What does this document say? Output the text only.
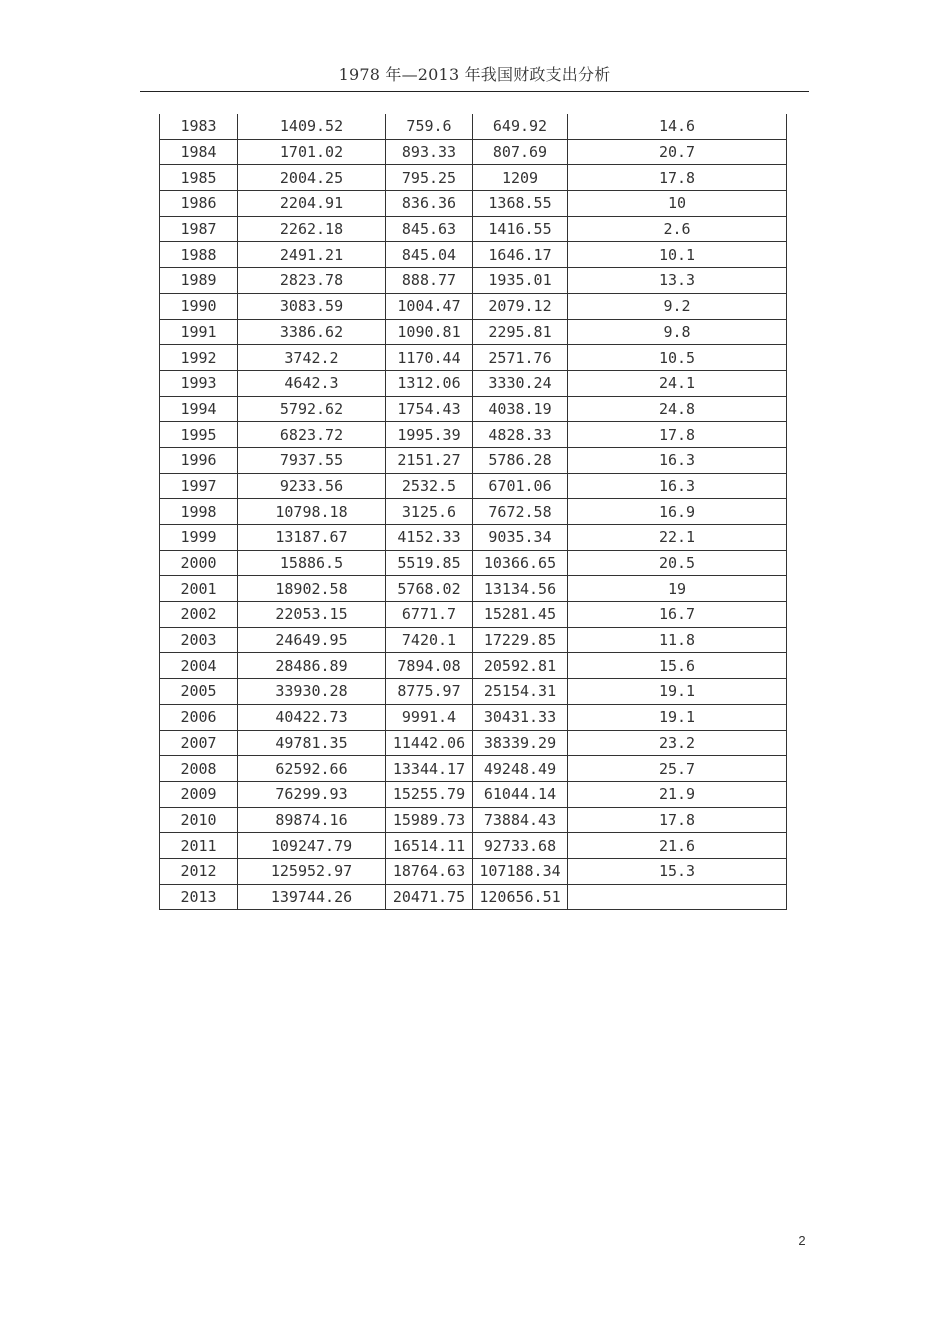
1978 年—2013 年我国财政支出分析
1983	1409.52	759.6	649.92	14.6
1984	1701.02	893.33	807.69	20.7
1985	2004.25	795.25	1209	17.8
1986	2204.91	836.36	1368.55	10
1987	2262.18	845.63	1416.55	2.6
1988	2491.21	845.04	1646.17	10.1
1989	2823.78	888.77	1935.01	13.3
1990	3083.59	1004.47	2079.12	9.2
1991	3386.62	1090.81	2295.81	9.8
1992	3742.2	1170.44	2571.76	10.5
1993	4642.3	1312.06	3330.24	24.1
1994	5792.62	1754.43	4038.19	24.8
1995	6823.72	1995.39	4828.33	17.8
1996	7937.55	2151.27	5786.28	16.3
1997	9233.56	2532.5	6701.06	16.3
1998	10798.18	3125.6	7672.58	16.9
1999	13187.67	4152.33	9035.34	22.1
2000	15886.5	5519.85	10366.65	20.5
2001	18902.58	5768.02	13134.56	19
2002	22053.15	6771.7	15281.45	16.7
2003	24649.95	7420.1	17229.85	11.8
2004	28486.89	7894.08	20592.81	15.6
2005	33930.28	8775.97	25154.31	19.1
2006	40422.73	9991.4	30431.33	19.1
2007	49781.35	11442.06	38339.29	23.2
2008	62592.66	13344.17	49248.49	25.7
2009	76299.93	15255.79	61044.14	21.9
2010	89874.16	15989.73	73884.43	17.8
2011	109247.79	16514.11	92733.68	21.6
2012	125952.97	18764.63	107188.34	15.3
2013	139744.26	20471.75	120656.51	
2
